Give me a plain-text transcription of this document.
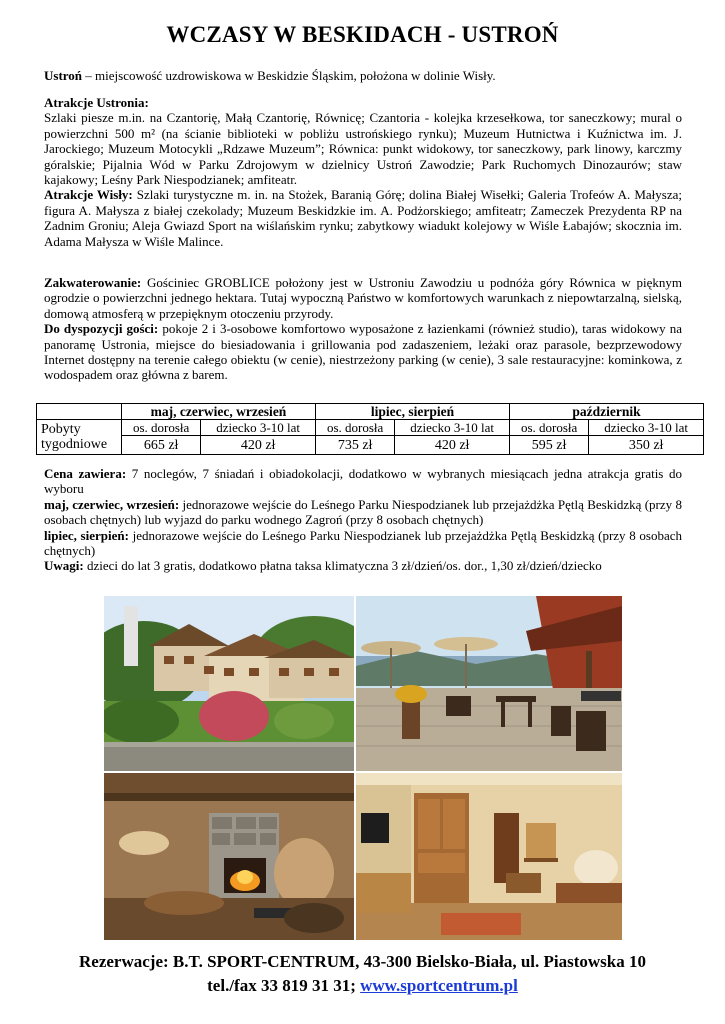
WCZASY W BESKIDACH - USTROŃ

Ustroń – miejscowość uzdrowiskowa w Beskidzie Śląskim, położona w dolinie Wisły.

Atrakcje Ustronia:
Szlaki piesze m.in. na Czantorię, Małą Czantorię, Równicę; Czantoria - kolejka krzesełkowa, tor saneczkowy; mural o powierzchni 500 m² (na ścianie biblioteki w pobliżu ustrońskiego rynku); Muzeum Hutnictwa i Kuźnictwa im. J. Jarockiego; Muzeum Motocykli „Rdzawe Muzeum”; Równica: punkt widokowy, tor saneczkowy, park linowy, karczmy góralskie; Pijalnia Wód w Parku Zdrojowym w dzielnicy Ustroń Zawodzie; Park Ruchomych Dinozaurów; staw kajakowy; Leśny Park Niespodzianek; amfiteatr.
Atrakcje Wisły: Szlaki turystyczne m. in. na Stożek, Baranią Górę; dolina Białej Wisełki; Galeria Trofeów A. Małysza; figura A. Małysza z białej czekolady; Muzeum Beskidzkie im. A. Podżorskiego; amfiteatr; Zameczek Prezydenta RP na Zadnim Groniu; Aleja Gwiazd Sport na wiślańskim rynku; zabytkowy wiadukt kolejowy w Wiśle Łabajów; skocznia im. Adama Małysza w Wiśle Malince.
Zakwaterowanie: Gościniec GROBLICE położony jest w Ustroniu Zawodziu u podnóża góry Równica w pięknym ogrodzie o powierzchni jednego hektara. Tutaj wypoczną Państwo w komfortowych warunkach z niepowtarzalną, sielską, domową atmosferą w przepięknym otoczeniu przyrody.
Do dyspozycji gości: pokoje 2 i 3-osobowe komfortowo wyposażone z łazienkami (również studio), taras widokowy na panoramę Ustronia, miejsce do biesiadowania i grillowania pod zadaszeniem, leżaki oraz parasole, bezprzewodowy Internet dostępny na terenie całego obiektu (w cenie), niestrzeżony parking (w cenie), 3 sale restauracyjne: kominkowa, z wodospadem oraz główna z barem.
	maj, czerwiec, wrzesień		lipiec, sierpień		październik	
Pobyty
tygodniowe	os. dorosła	dziecko 3-10 lat	os. dorosła	dziecko 3-10 lat	os. dorosła	dziecko 3-10 lat
	665 zł	420 zł	735 zł	420 zł	595 zł	350 zł
Cena zawiera: 7 noclegów, 7 śniadań i obiadokolacji, dodatkowo w wybranych miesiącach jedna atrakcja gratis do wyboru
maj, czerwiec, wrzesień: jednorazowe wejście do Leśnego Parku Niespodzianek lub przejażdżka Pętlą Beskidzką (przy 8 osobach chętnych) lub wyjazd do parku wodnego Zagroń (przy 8 osobach chętnych)
lipiec, sierpień: jednorazowe wejście do Leśnego Parku Niespodzianek lub przejażdżka Pętlą Beskidzką (przy 8 osobach chętnych)
Uwagi: dzieci do lat 3 gratis, dodatkowo płatna taksa klimatyczna 3 zł/dzień/os. dor., 1,30 zł/dzień/dziecko
Rezerwacje: B.T. SPORT-CENTRUM, 43-300 Bielsko-Biała, ul. Piastowska 10
tel./fax 33 819 31 31; www.sportcentrum.pl
